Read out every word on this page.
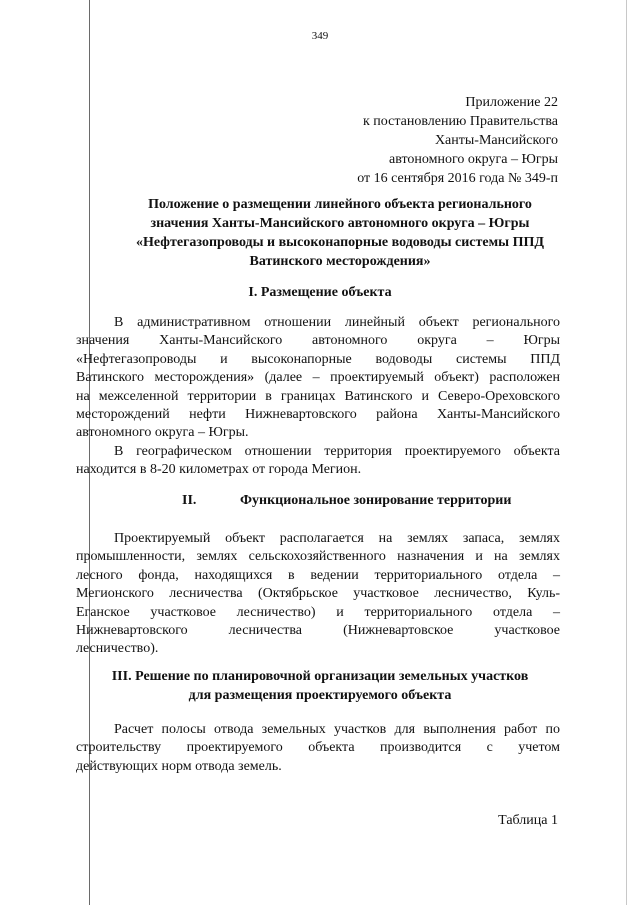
349
Приложение 22
к постановлению Правительства
Ханты-Мансийского
автономного округа – Югры
от 16 сентября 2016 года № 349-п
Положение о размещении линейного объекта регионального
значения Ханты-Мансийского автономного округа – Югры
«Нефтегазопроводы и высоконапорные водоводы системы ППД
Ватинского месторождения»
I. Размещение объекта
В административном отношении линейный объект регионального
значения Ханты-Мансийского автономного округа – Югры
«Нефтегазопроводы и высоконапорные водоводы системы ППД
Ватинского месторождения» (далее – проектируемый объект) расположен
на межселенной территории в границах Ватинского и Северо-Ореховского
месторождений нефти Нижневартовского района Ханты-Мансийского
автономного округа – Югры.
В географическом отношении территория проектируемого объекта
находится в 8-20 километрах от города Мегион.
II.	Функциональное зонирование территории
Проектируемый объект располагается на землях запаса, землях
промышленности, землях сельскохозяйственного назначения и на землях
лесного фонда, находящихся в ведении территориального отдела –
Мегионского лесничества (Октябрьское участковое лесничество, Куль-
Еганское участковое лесничество) и территориального отдела –
Нижневартовского лесничества (Нижневартовское участковое
лесничество).
III. Решение по планировочной организации земельных участков
для размещения проектируемого объекта
Расчет полосы отвода земельных участков для выполнения работ по
строительству проектируемого объекта производится с учетом
действующих норм отвода земель.
Таблица 1
